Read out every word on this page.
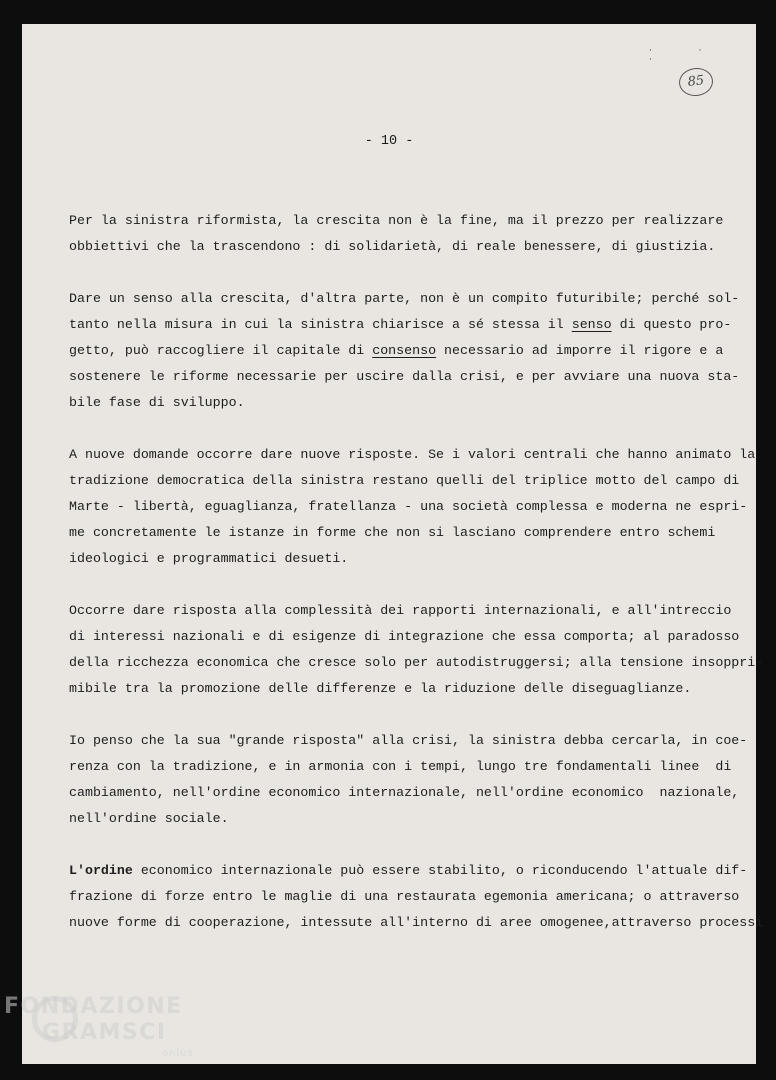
· · ·
85
- 10 -
Per la sinistra riformista, la crescita non è la fine, ma il prezzo per realizzare
obbiettivi che la trascendono : di solidarietà, di reale benessere, di giustizia.
Dare un senso alla crescita, d'altra parte, non è un compito futuribile; perché sol-
tanto nella misura in cui la sinistra chiarisce a sé stessa il senso di questo pro-
getto, può raccogliere il capitale di consenso necessario ad imporre il rigore e a
sostenere le riforme necessarie per uscire dalla crisi, e per avviare una nuova sta-
bile fase di sviluppo.
A nuove domande occorre dare nuove risposte. Se i valori centrali che hanno animato la
tradizione democratica della sinistra restano quelli del triplice motto del campo di
Marte - libertà, eguaglianza, fratellanza - una società complessa e moderna ne espri-
me concretamente le istanze in forme che non si lasciano comprendere entro schemi
ideologici e programmatici desueti.
Occorre dare risposta alla complessità dei rapporti internazionali, e all'intreccio
di interessi nazionali e di esigenze di integrazione che essa comporta; al paradosso
della ricchezza economica che cresce solo per autodistruggersi; alla tensione insoppri-
mibile tra la promozione delle differenze e la riduzione delle diseguaglianze.
Io penso che la sua "grande risposta" alla crisi, la sinistra debba cercarla, in coe-
renza con la tradizione, e in armonia con i tempi, lungo tre fondamentali linee  di
cambiamento, nell'ordine economico internazionale, nell'ordine economico  nazionale,
nell'ordine sociale.
L'ordine economico internazionale può essere stabilito, o riconducendo l'attuale dif-
frazione di forze entro le maglie di una restaurata egemonia americana; o attraverso
nuove forme di cooperazione, intessute all'interno di aree omogenee,attraverso processi
FONDAZIONE
GRAMSCI
onlus
